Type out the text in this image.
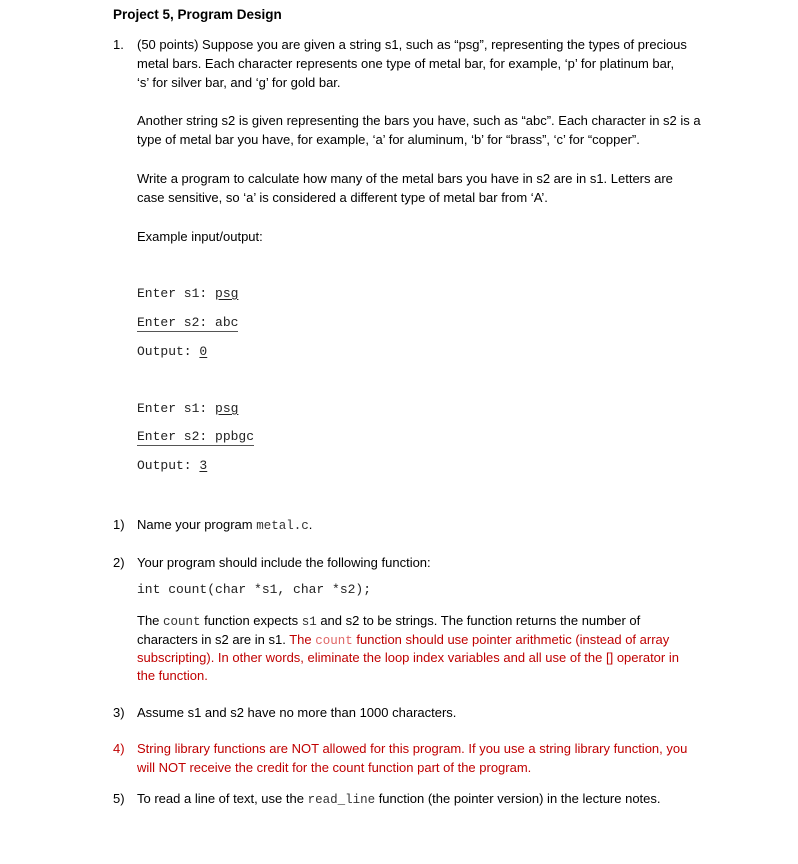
Project 5, Program Design
1. (50 points) Suppose you are given a string s1, such as “psg”, representing the types of precious
metal bars. Each character represents one type of metal bar, for example, ‘p’ for platinum bar,
‘s’ for silver bar, and ‘g’ for gold bar.
Another string s2 is given representing the bars you have, such as “abc”. Each character in s2 is a
type of metal bar you have, for example, ‘a’ for aluminum, ‘b’ for “brass”, ‘c’ for “copper”.
Write a program to calculate how many of the metal bars you have in s2 are in s1. Letters are
case sensitive, so ‘a’ is considered a different type of metal bar from ‘A’.
Example input/output:
Enter s1: psg
Enter s2: abc
Output: 0
Enter s1: psg
Enter s2: ppbgc
Output: 3
1) Name your program metal.c.
2) Your program should include the following function:
int count(char *s1, char *s2);
The count function expects s1 and s2 to be strings. The function returns the number of
characters in s2 are in s1. The count function should use pointer arithmetic (instead of array
subscripting). In other words, eliminate the loop index variables and all use of the [] operator in
the function.
3) Assume s1 and s2 have no more than 1000 characters.
4) String library functions are NOT allowed for this program. If you use a string library function, you
will NOT receive the credit for the count function part of the program.
5) To read a line of text, use the read_line function (the pointer version) in the lecture notes.
